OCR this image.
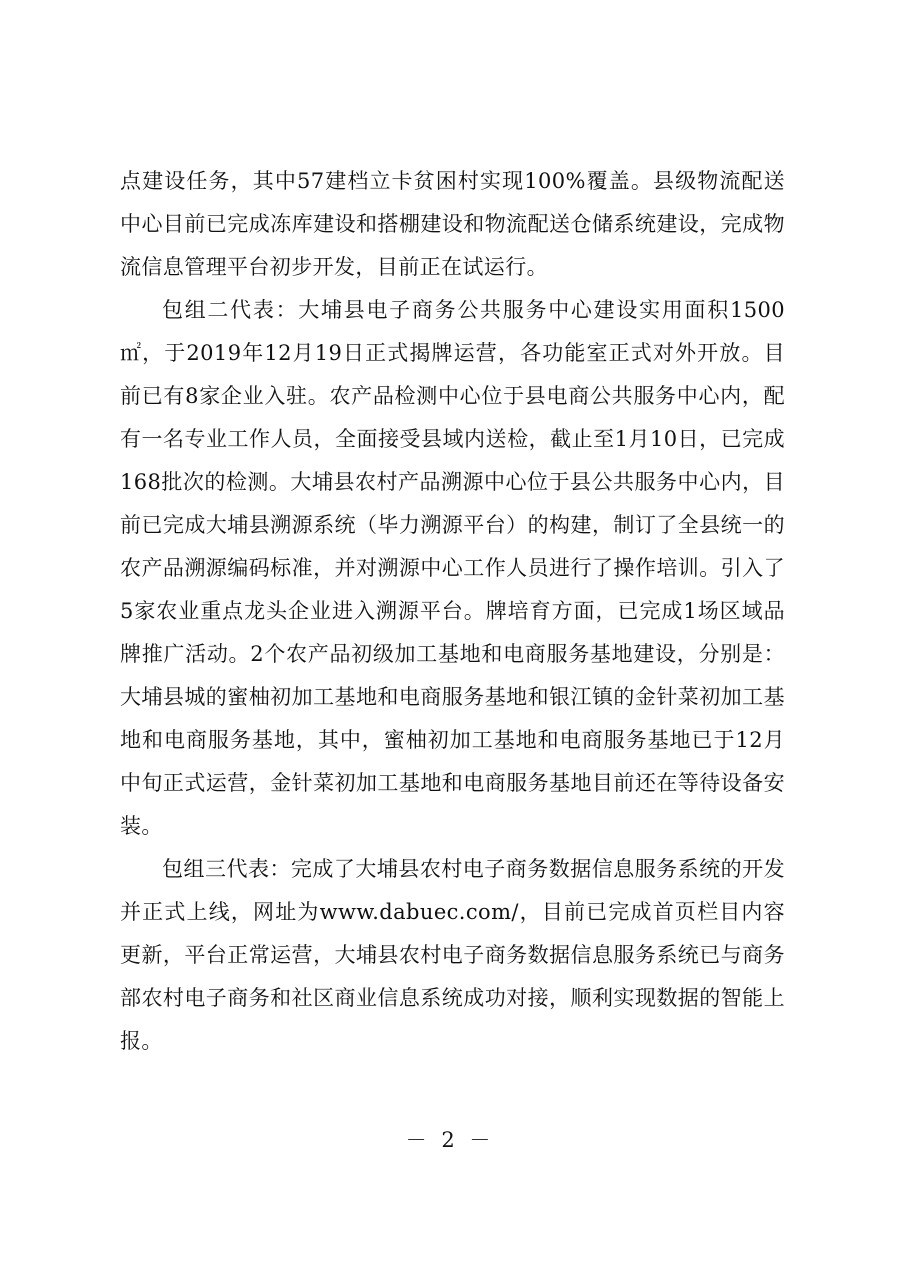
点建设任务，其中57建档立卡贫困村实现100%覆盖。县级物流配送中心目前已完成冻库建设和搭棚建设和物流配送仓储系统建设，完成物流信息管理平台初步开发，目前正在试运行。

包组二代表：大埔县电子商务公共服务中心建设实用面积1500㎡，于2019年12月19日正式揭牌运营，各功能室正式对外开放。目前已有8家企业入驻。农产品检测中心位于县电商公共服务中心内，配有一名专业工作人员，全面接受县域内送检，截止至1月10日，已完成168批次的检测。大埔县农村产品溯源中心位于县公共服务中心内，目前已完成大埔县溯源系统（毕力溯源平台）的构建，制订了全县统一的农产品溯源编码标准，并对溯源中心工作人员进行了操作培训。引入了5家农业重点龙头企业进入溯源平台。牌培育方面，已完成1场区域品牌推广活动。2个农产品初级加工基地和电商服务基地建设，分别是：大埔县城的蜜柚初加工基地和电商服务基地和银江镇的金针菜初加工基地和电商服务基地，其中，蜜柚初加工基地和电商服务基地已于12月中旬正式运营，金针菜初加工基地和电商服务基地目前还在等待设备安装。

包组三代表：完成了大埔县农村电子商务数据信息服务系统的开发并正式上线，网址为www.dabuec.com/，目前已完成首页栏目内容更新，平台正常运营，大埔县农村电子商务数据信息服务系统已与商务部农村电子商务和社区商业信息系统成功对接，顺利实现数据的智能上报。

－ 2 －
